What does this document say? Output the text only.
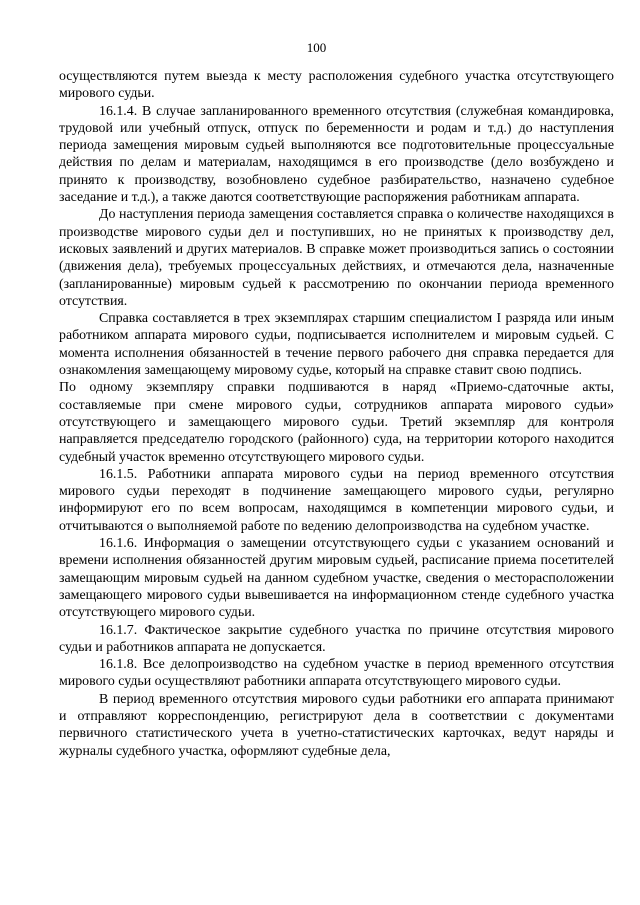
100

осуществляются путем выезда к месту расположения судебного участка отсутствующего мирового судьи.

16.1.4. В случае запланированного временного отсутствия (служебная командировка, трудовой или учебный отпуск, отпуск по беременности и родам и т.д.) до наступления периода замещения мировым судьей выполняются все подготовительные процессуальные действия по делам и материалам, находящимся в его производстве (дело возбуждено и принято к производству, возобновлено судебное разбирательство, назначено судебное заседание и т.д.), а также даются соответствующие распоряжения работникам аппарата.

До наступления периода замещения составляется справка о количестве находящихся в производстве мирового судьи дел и поступивших, но не принятых к производству дел, исковых заявлений и других материалов. В справке может производиться запись о состоянии (движения дела), требуемых процессуальных действиях, и отмечаются дела, назначенные (запланированные) мировым судьей к рассмотрению по окончании периода временного отсутствия.

Справка составляется в трех экземплярах старшим специалистом I разряда или иным работником аппарата мирового судьи, подписывается исполнителем и мировым судьей. С момента исполнения обязанностей в течение первого рабочего дня справка передается для ознакомления замещающему мировому судье, который на справке ставит свою подпись.

По одному экземпляру справки подшиваются в наряд «Приемо-сдаточные акты, составляемые при смене мирового судьи, сотрудников аппарата мирового судьи» отсутствующего и замещающего мирового судьи. Третий экземпляр для контроля направляется председателю городского (районного) суда, на территории которого находится судебный участок временно отсутствующего мирового судьи.

16.1.5. Работники аппарата мирового судьи на период временного отсутствия мирового судьи переходят в подчинение замещающего мирового судьи, регулярно информируют его по всем вопросам, находящимся в компетенции мирового судьи, и отчитываются о выполняемой работе по ведению делопроизводства на судебном участке.

16.1.6. Информация о замещении отсутствующего судьи с указанием оснований и времени исполнения обязанностей другим мировым судьей, расписание приема посетителей замещающим мировым судьей на данном судебном участке, сведения о месторасположении замещающего мирового судьи вывешивается на информационном стенде судебного участка отсутствующего мирового судьи.

16.1.7. Фактическое закрытие судебного участка по причине отсутствия мирового судьи и работников аппарата не допускается.

16.1.8. Все делопроизводство на судебном участке в период временного отсутствия мирового судьи осуществляют работники аппарата отсутствующего мирового судьи.

В период временного отсутствия мирового судьи работники его аппарата принимают и отправляют корреспонденцию, регистрируют дела в соответствии с документами первичного статистического учета в учетно-статистических карточках, ведут наряды и журналы судебного участка, оформляют судебные дела,
